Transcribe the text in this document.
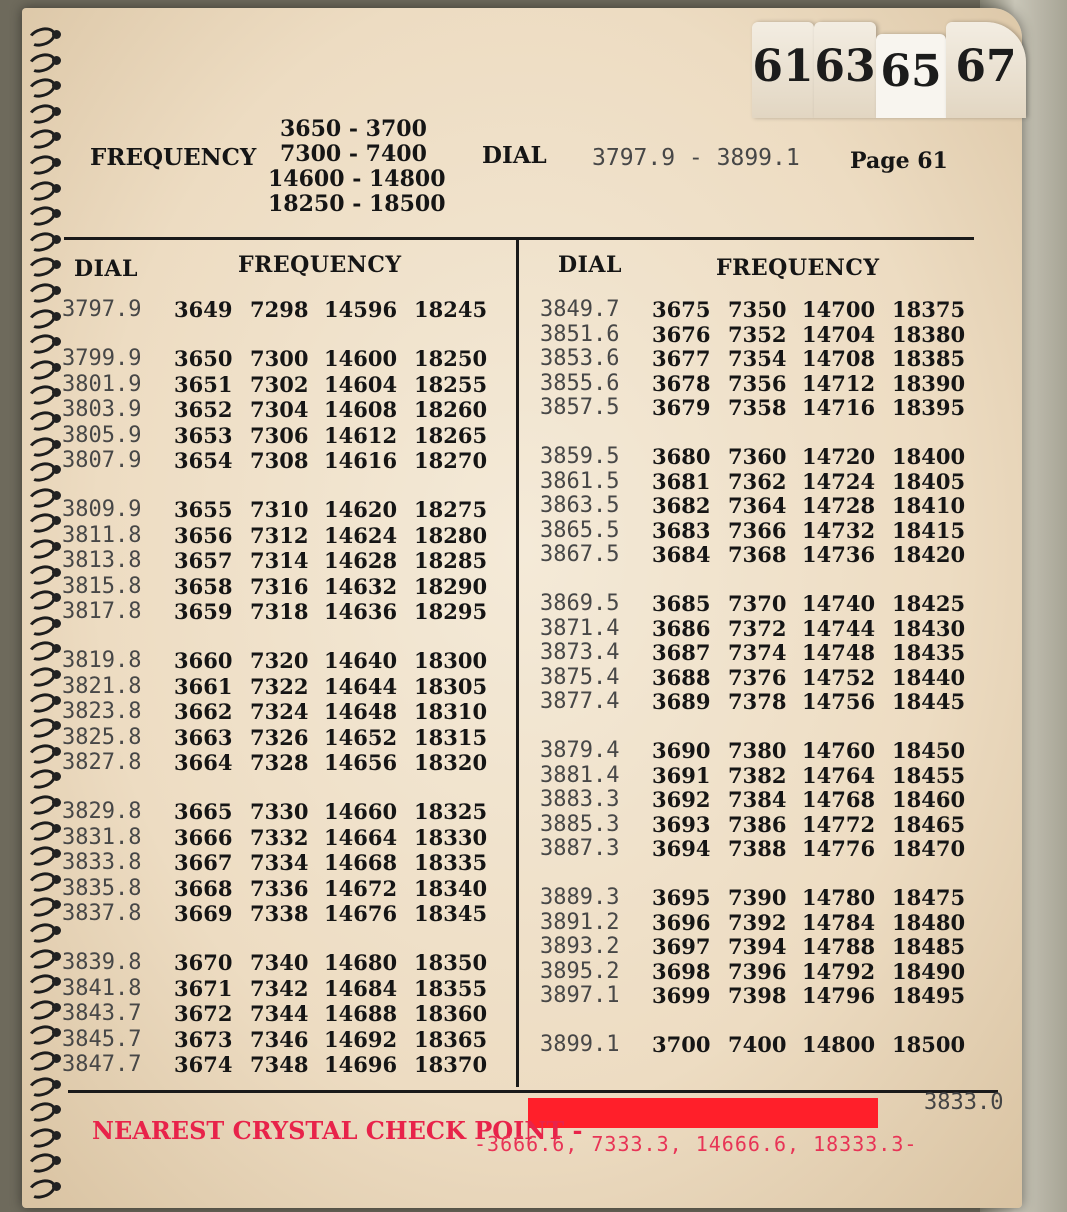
61 63 65 67
FREQUENCY
3650 - 3700
7300 - 7400
14600 - 14800
18250 - 18500
DIAL 3797.9 - 3899.1 Page 61
DIAL	FREQUENCY	DIAL	FREQUENCY
3797.9 3649 7298 14596 18245
3799.9 3650 7300 14600 18250
3801.9 3651 7302 14604 18255
3803.9 3652 7304 14608 18260
3805.9 3653 7306 14612 18265
3807.9 3654 7308 14616 18270
3809.9 3655 7310 14620 18275
3811.8 3656 7312 14624 18280
3813.8 3657 7314 14628 18285
3815.8 3658 7316 14632 18290
3817.8 3659 7318 14636 18295
3819.8 3660 7320 14640 18300
3821.8 3661 7322 14644 18305
3823.8 3662 7324 14648 18310
3825.8 3663 7326 14652 18315
3827.8 3664 7328 14656 18320
3829.8 3665 7330 14660 18325
3831.8 3666 7332 14664 18330
3833.8 3667 7334 14668 18335
3835.8 3668 7336 14672 18340
3837.8 3669 7338 14676 18345
3839.8 3670 7340 14680 18350
3841.8 3671 7342 14684 18355
3843.7 3672 7344 14688 18360
3845.7 3673 7346 14692 18365
3847.7 3674 7348 14696 18370
3849.7 3675 7350 14700 18375
3851.6 3676 7352 14704 18380
3853.6 3677 7354 14708 18385
3855.6 3678 7356 14712 18390
3857.5 3679 7358 14716 18395
3859.5 3680 7360 14720 18400
3861.5 3681 7362 14724 18405
3863.5 3682 7364 14728 18410
3865.5 3683 7366 14732 18415
3867.5 3684 7368 14736 18420
3869.5 3685 7370 14740 18425
3871.4 3686 7372 14744 18430
3873.4 3687 7374 14748 18435
3875.4 3688 7376 14752 18440
3877.4 3689 7378 14756 18445
3879.4 3690 7380 14760 18450
3881.4 3691 7382 14764 18455
3883.3 3692 7384 14768 18460
3885.3 3693 7386 14772 18465
3887.3 3694 7388 14776 18470
3889.3 3695 7390 14780 18475
3891.2 3696 7392 14784 18480
3893.2 3697 7394 14788 18485
3895.2 3698 7396 14792 18490
3897.1 3699 7398 14796 18495
3899.1 3700 7400 14800 18500
NEAREST CRYSTAL CHECK POINT -
-3666.6, 7333.3, 14666.6, 18333.3-
3833.0
